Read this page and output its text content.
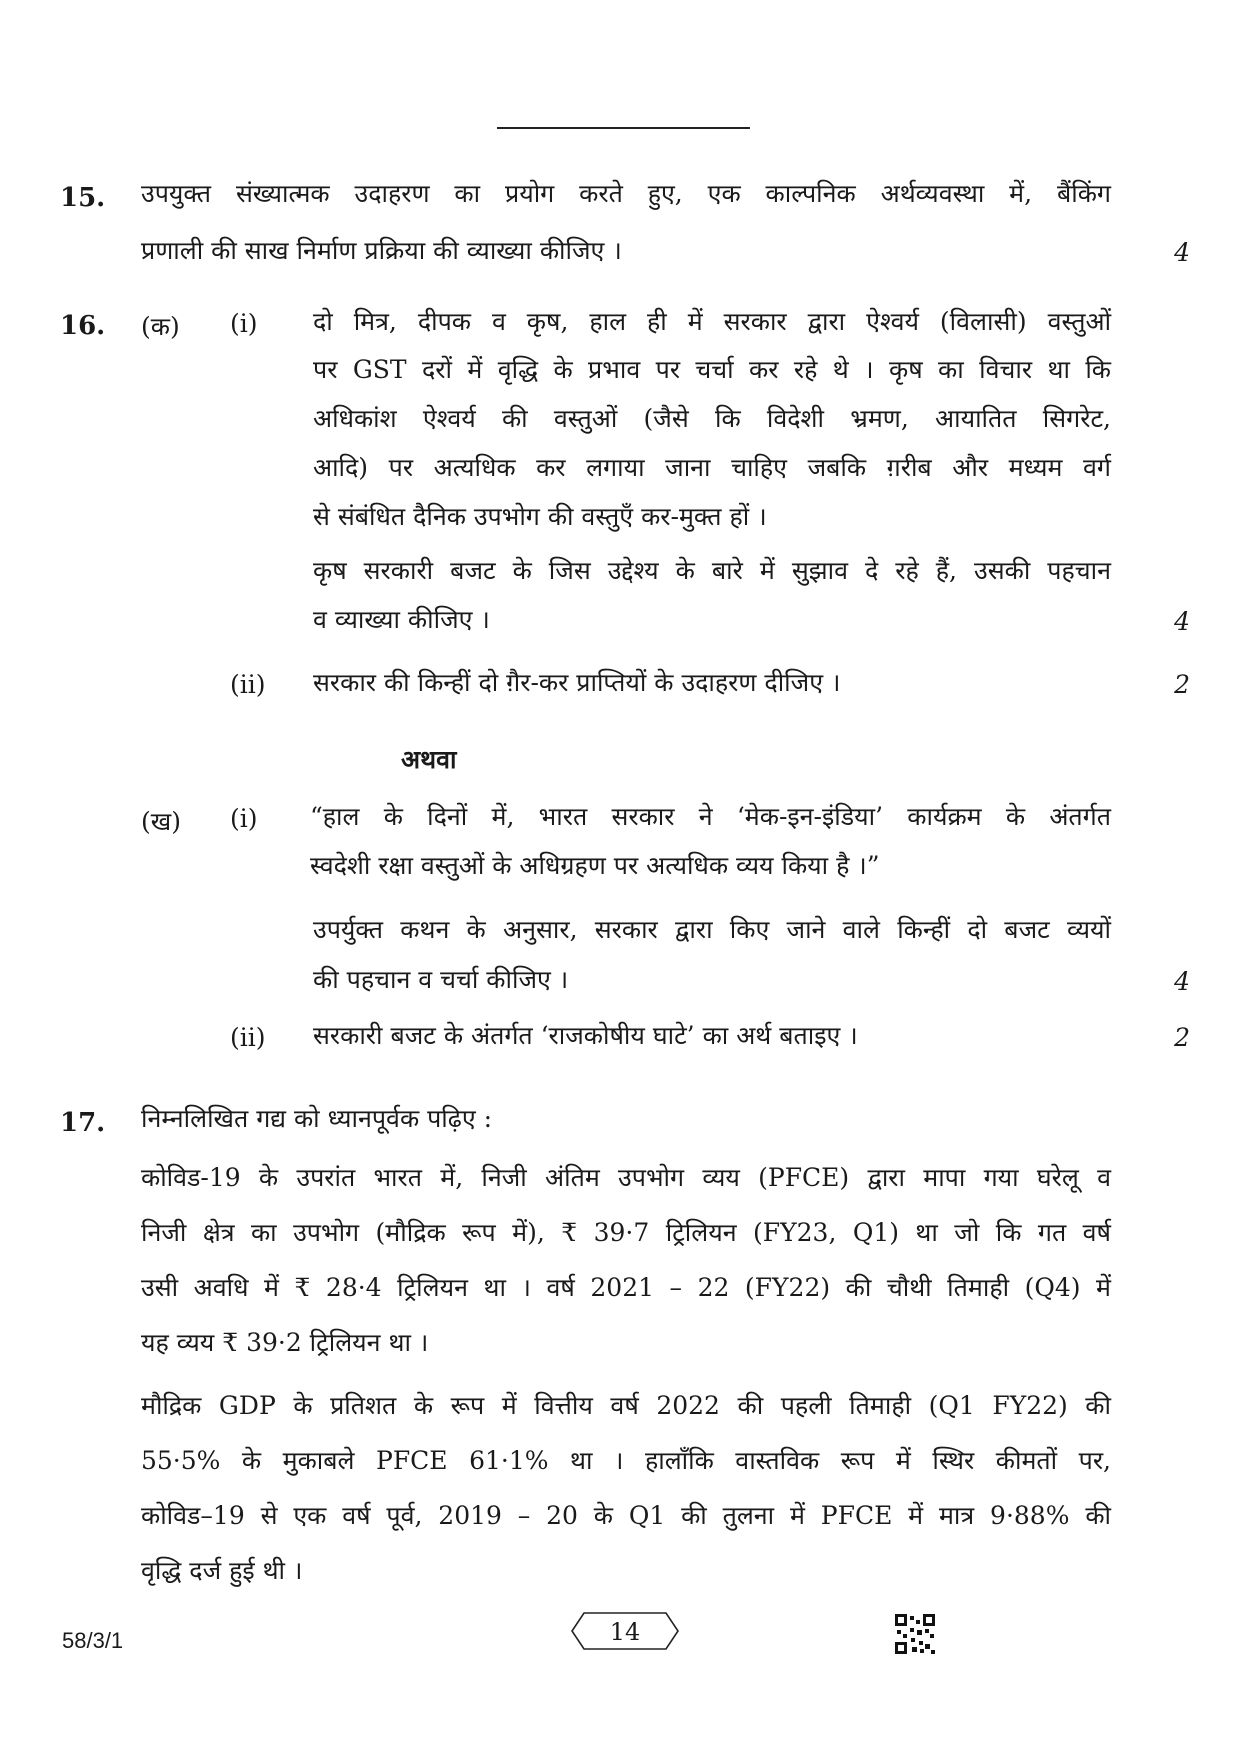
15. उपयुक्त संख्यात्मक उदाहरण का प्रयोग करते हुए, एक काल्पनिक अर्थव्यवस्था में, बैंकिंग
प्रणाली की साख निर्माण प्रक्रिया की व्याख्या कीजिए ।	4
16. (क) (i) दो मित्र, दीपक व कृष, हाल ही में सरकार द्वारा ऐश्वर्य (विलासी) वस्तुओं
पर GST दरों में वृद्धि के प्रभाव पर चर्चा कर रहे थे । कृष का विचार था कि
अधिकांश ऐश्वर्य की वस्तुओं (जैसे कि विदेशी भ्रमण, आयातित सिगरेट,
आदि) पर अत्यधिक कर लगाया जाना चाहिए जबकि ग़रीब और मध्यम वर्ग
से संबंधित दैनिक उपभोग की वस्तुएँ कर-मुक्त हों ।
कृष सरकारी बजट के जिस उद्देश्य के बारे में सुझाव दे रहे हैं, उसकी पहचान
व व्याख्या कीजिए ।	4
(ii) सरकार की किन्हीं दो ग़ैर-कर प्राप्तियों के उदाहरण दीजिए ।	2
अथवा
(ख) (i) “हाल के दिनों में, भारत सरकार ने ‘मेक-इन-इंडिया’ कार्यक्रम के अंतर्गत
स्वदेशी रक्षा वस्तुओं के अधिग्रहण पर अत्यधिक व्यय किया है ।”
उपर्युक्त कथन के अनुसार, सरकार द्वारा किए जाने वाले किन्हीं दो बजट व्ययों
की पहचान व चर्चा कीजिए ।	4
(ii) सरकारी बजट के अंतर्गत ‘राजकोषीय घाटे’ का अर्थ बताइए ।	2
17. निम्नलिखित गद्य को ध्यानपूर्वक पढ़िए :
कोविड-19 के उपरांत भारत में, निजी अंतिम उपभोग व्यय (PFCE) द्वारा मापा गया घरेलू व
निजी क्षेत्र का उपभोग (मौद्रिक रूप में), ₹ 39·7 ट्रिलियन (FY23, Q1) था जो कि गत वर्ष
उसी अवधि में ₹ 28·4 ट्रिलियन था । वर्ष 2021 – 22 (FY22) की चौथी तिमाही (Q4) में
यह व्यय ₹ 39·2 ट्रिलियन था ।
मौद्रिक GDP के प्रतिशत के रूप में वित्तीय वर्ष 2022 की पहली तिमाही (Q1 FY22) की
55·5% के मुकाबले PFCE 61·1% था । हालाँकि वास्तविक रूप में स्थिर कीमतों पर,
कोविड–19 से एक वर्ष पूर्व, 2019 – 20 के Q1 की तुलना में PFCE में मात्र 9·88% की
वृद्धि दर्ज हुई थी ।
58/3/1	14
